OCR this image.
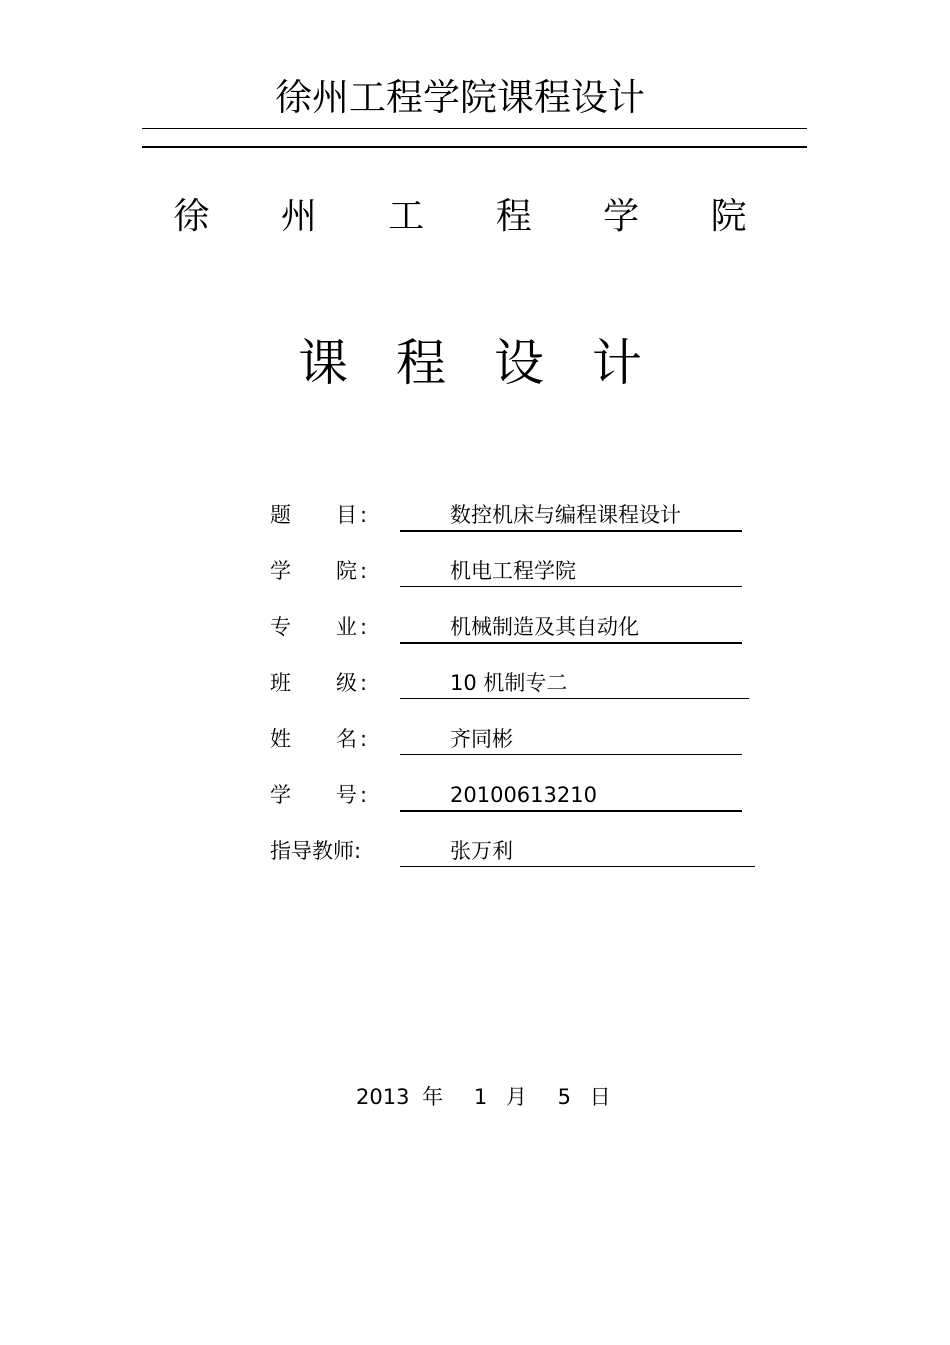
徐州工程学院课程设计
徐 州 工 程 学 院
课 程 设 计
题 目 :	数控机床与编程课程设计
学 院 :	机电工程学院
专 业 :	机械制造及其自动化
班 级 :	10 机制专二
姓 名 :	齐同彬
学 号 :	20100613210
指导教师:	张万利
2013 年 1 月 5 日
